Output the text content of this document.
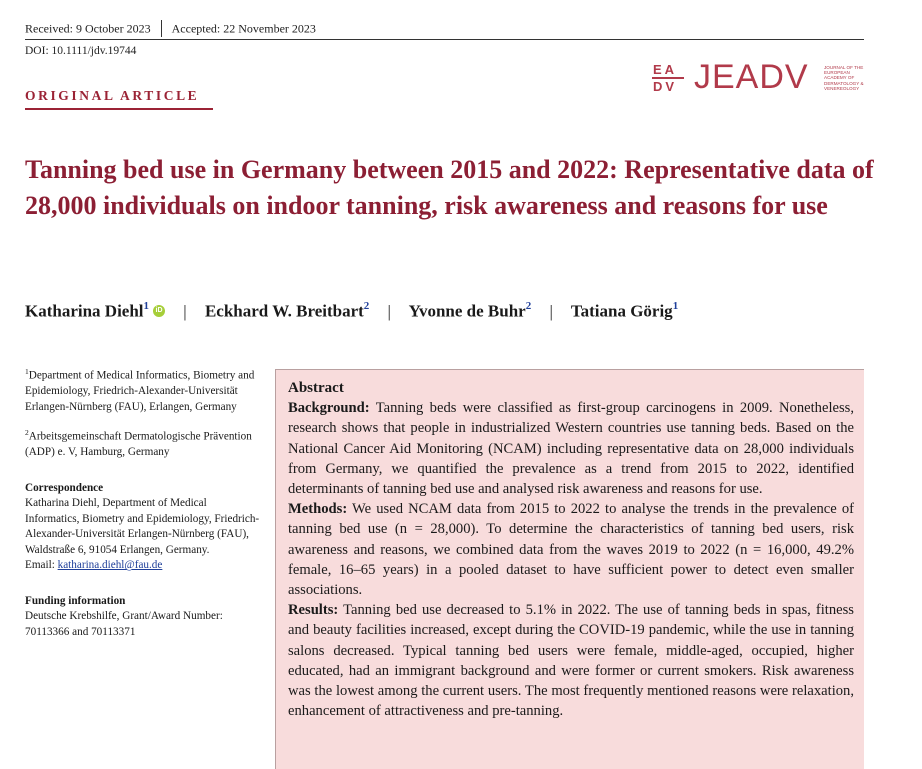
Received: 9 October 2023 Accepted: 22 November 2023
DOI: 10.1111/jdv.19744
EA
DV JEADV	JOURNAL OF THE EUROPEAN ACADEMY OF DERMATOLOGY & VENEREOLOGY
ORIGINAL ARTICLE
Tanning bed use in Germany between 2015 and 2022: Representative data of 28,000 individuals on indoor tanning, risk awareness and reasons for use
Katharina Diehl$^1$ iD | Eckhard W. Breitbart$^2$ | Yvonne de Buhr$^2$ | Tatiana Görig$^1$

$^1$Department of Medical Informatics, Biometry and Epidemiology, Friedrich-Alexander-Universität Erlangen-Nürnberg (FAU), Erlangen, Germany

$^2$Arbeitsgemeinschaft Dermatologische Prävention (ADP) e. V, Hamburg, Germany

Correspondence
Katharina Diehl, Department of Medical Informatics, Biometry and Epidemiology, Friedrich-Alexander-Universität Erlangen-Nürnberg (FAU), Waldstraße 6, 91054 Erlangen, Germany.
Email: katharina.diehl@fau.de

Funding information
Deutsche Krebshilfe, Grant/Award Number: 70113366 and 70113371

Abstract

Background: Tanning beds were classified as first-group carcinogens in 2009. Nonetheless, research shows that people in industrialized Western countries use tanning beds. Based on the National Cancer Aid Monitoring (NCAM) including representative data on 28,000 individuals from Germany, we quantified the prevalence as a trend from 2015 to 2022, identified determinants of tanning bed use and analysed risk awareness and reasons for use.

Methods: We used NCAM data from 2015 to 2022 to analyse the trends in the prevalence of tanning bed use (n = 28,000). To determine the characteristics of tanning bed users, risk awareness and reasons, we combined data from the waves 2019 to 2022 (n = 16,000, 49.2% female, 16–65 years) in a pooled dataset to have sufficient power to detect even smaller associations.

Results: Tanning bed use decreased to 5.1% in 2022. The use of tanning beds in spas, fitness and beauty facilities increased, except during the COVID-19 pandemic, while the use in tanning salons decreased. Typical tanning bed users were female, middle-aged, occupied, higher educated, had an immigrant background and were former or current smokers. Risk awareness was the lowest among the current users. The most frequently mentioned reasons were relaxation, enhancement of attractiveness and pre-tanning.
